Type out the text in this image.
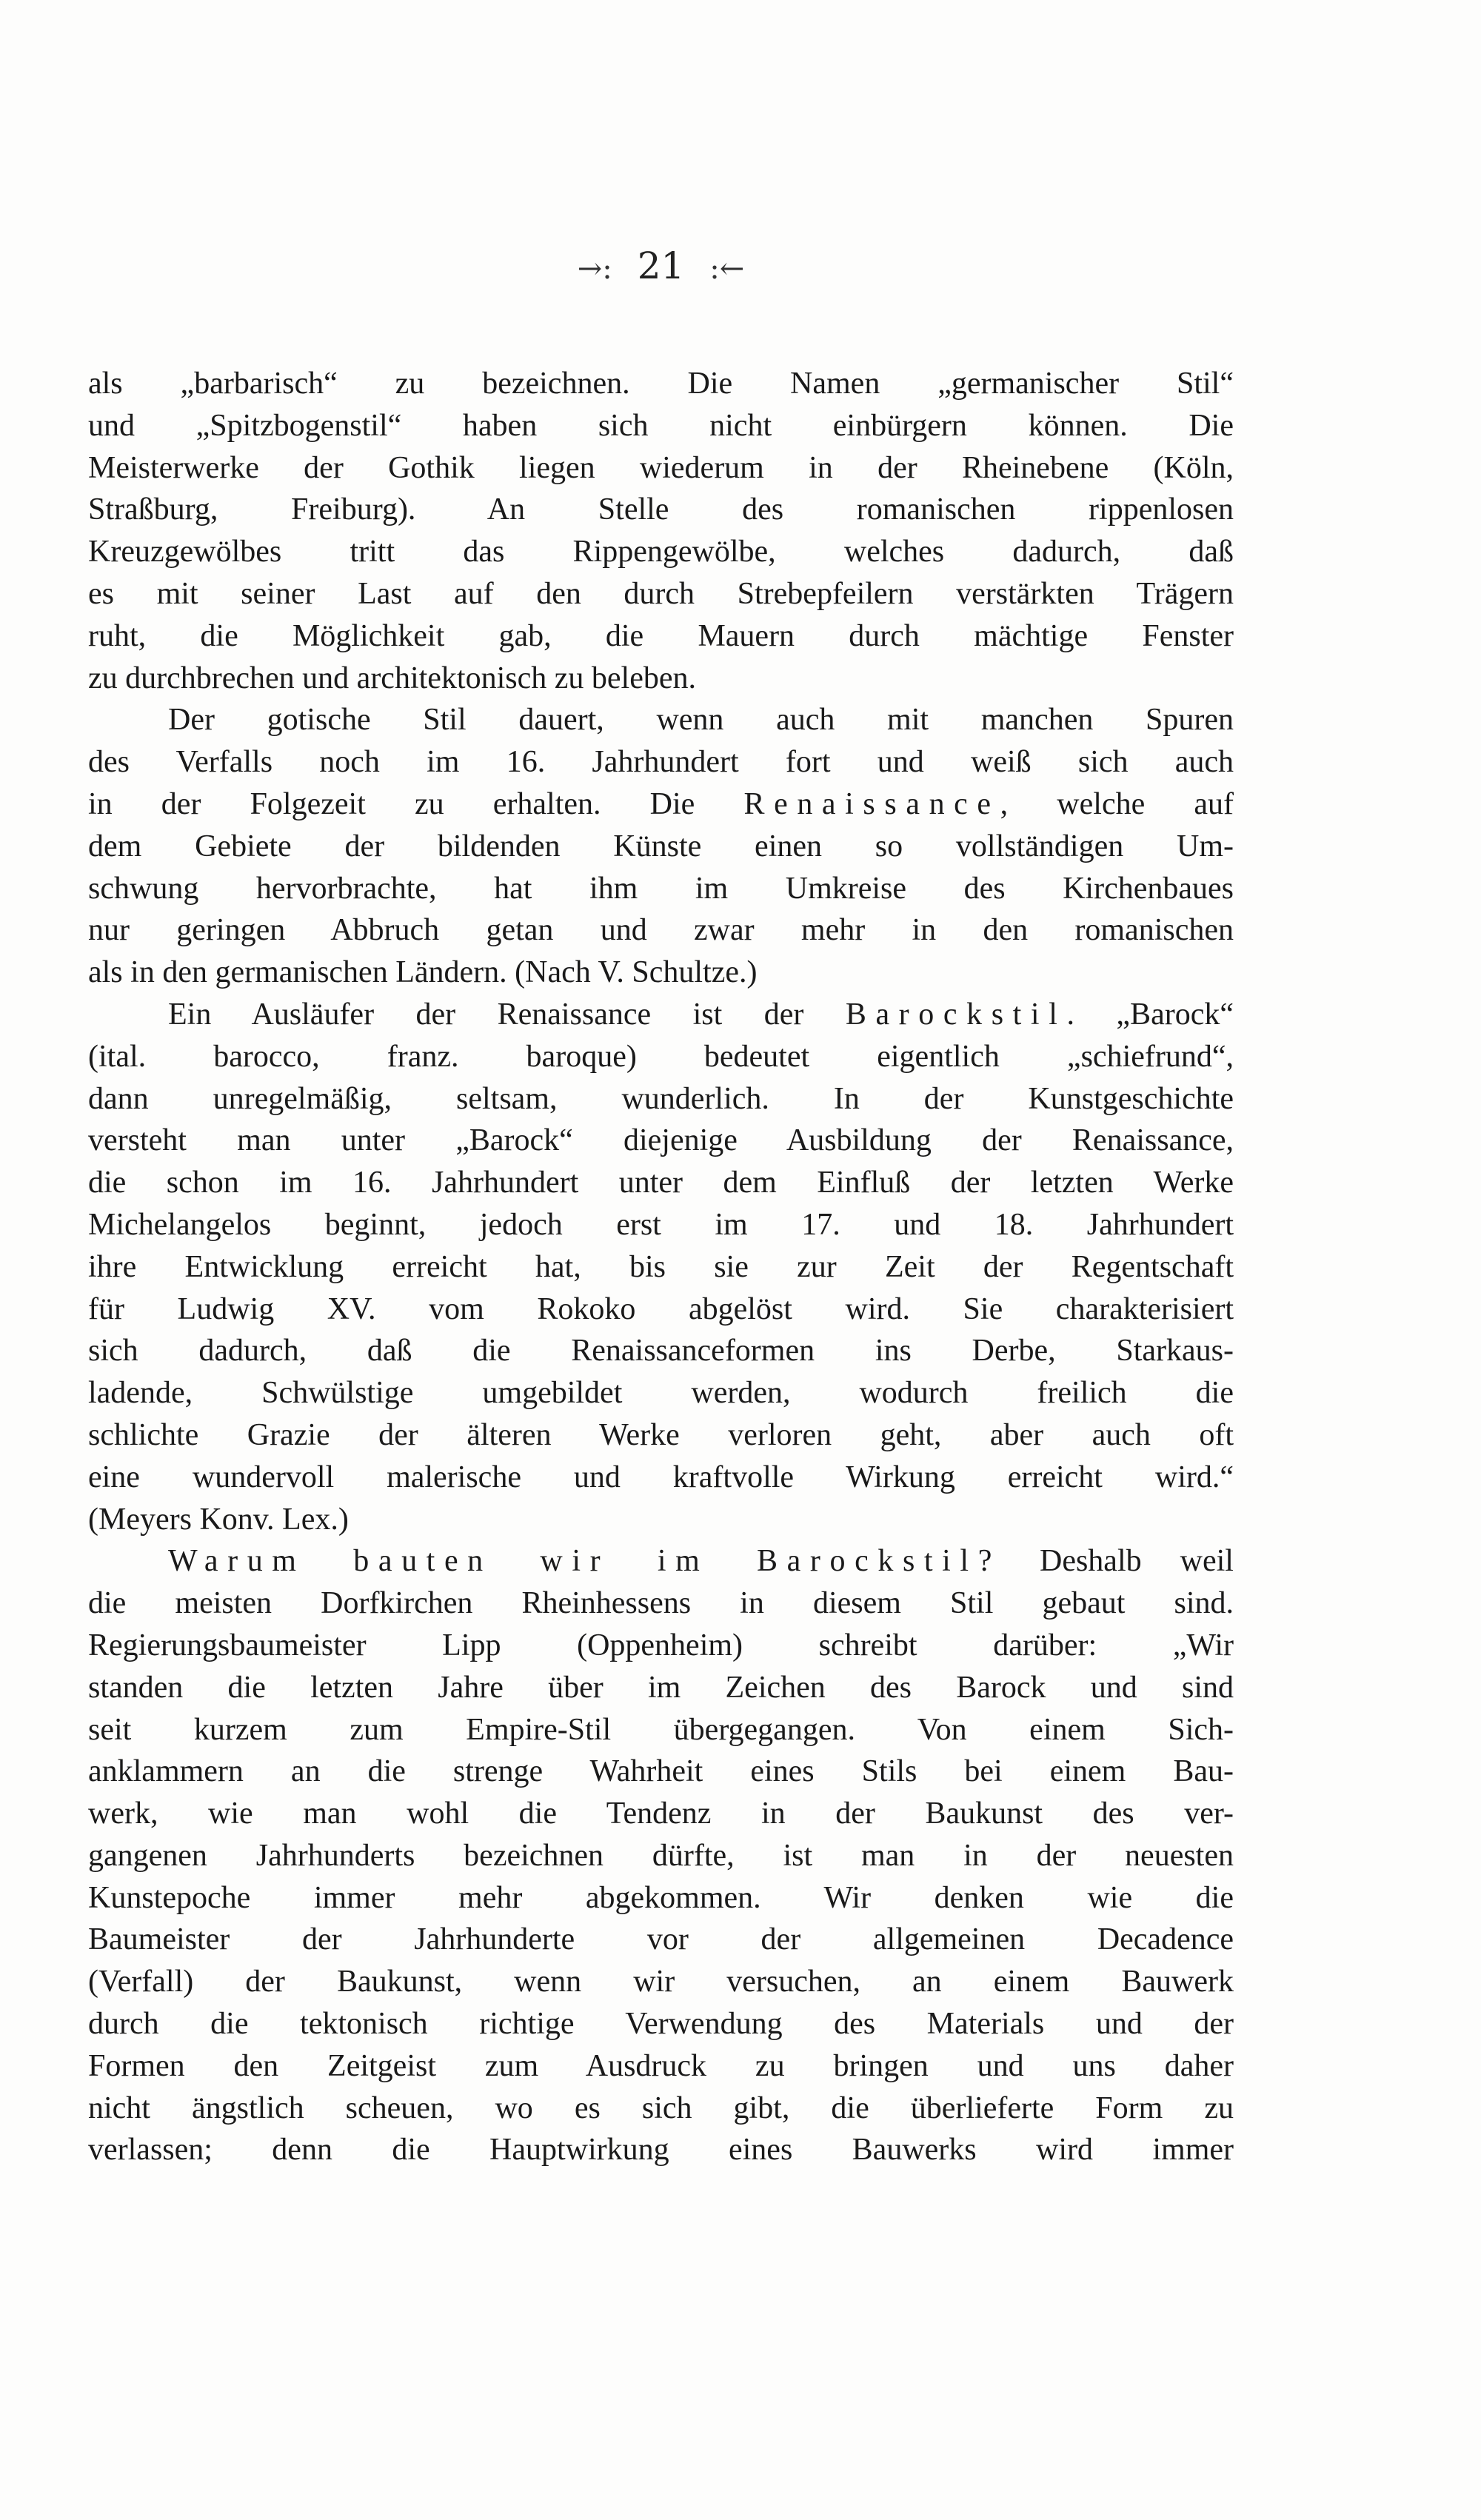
→: 21 :←
als „barbarisch“ zu bezeichnen. Die Namen „germanischer Stil“
und „Spitzbogenstil“ haben sich nicht einbürgern können. Die
Meisterwerke der Gothik liegen wiederum in der Rheinebene (Köln,
Straßburg, Freiburg). An Stelle des romanischen rippenlosen
Kreuzgewölbes tritt das Rippengewölbe, welches dadurch, daß
es mit seiner Last auf den durch Strebepfeilern verstärkten Trägern
ruht, die Möglichkeit gab, die Mauern durch mächtige Fenster
zu durchbrechen und architektonisch zu beleben.
Der gotische Stil dauert, wenn auch mit manchen Spuren
des Verfalls noch im 16. Jahrhundert fort und weiß sich auch
in der Folgezeit zu erhalten. Die Renaissance, welche auf
dem Gebiete der bildenden Künste einen so vollständigen Um-
schwung hervorbrachte, hat ihm im Umkreise des Kirchenbaues
nur geringen Abbruch getan und zwar mehr in den romanischen
als in den germanischen Ländern. (Nach V. Schultze.)
Ein Ausläufer der Renaissance ist der Barockstil. „Barock“
(ital. barocco, franz. baroque) bedeutet eigentlich „schiefrund“,
dann unregelmäßig, seltsam, wunderlich. In der Kunstgeschichte
versteht man unter „Barock“ diejenige Ausbildung der Renaissance,
die schon im 16. Jahrhundert unter dem Einfluß der letzten Werke
Michelangelos beginnt, jedoch erst im 17. und 18. Jahrhundert
ihre Entwicklung erreicht hat, bis sie zur Zeit der Regentschaft
für Ludwig XV. vom Rokoko abgelöst wird. Sie charakterisiert
sich dadurch, daß die Renaissanceformen ins Derbe, Starkaus-
ladende, Schwülstige umgebildet werden, wodurch freilich die
schlichte Grazie der älteren Werke verloren geht, aber auch oft
eine wundervoll malerische und kraftvolle Wirkung erreicht wird.“
(Meyers Konv. Lex.)
Warum bauten wir im Barockstil? Deshalb weil
die meisten Dorfkirchen Rheinhessens in diesem Stil gebaut sind.
Regierungsbaumeister Lipp (Oppenheim) schreibt darüber: „Wir
standen die letzten Jahre über im Zeichen des Barock und sind
seit kurzem zum Empire-Stil übergegangen. Von einem Sich-
anklammern an die strenge Wahrheit eines Stils bei einem Bau-
werk, wie man wohl die Tendenz in der Baukunst des ver-
gangenen Jahrhunderts bezeichnen dürfte, ist man in der neuesten
Kunstepoche immer mehr abgekommen. Wir denken wie die
Baumeister der Jahrhunderte vor der allgemeinen Decadence
(Verfall) der Baukunst, wenn wir versuchen, an einem Bauwerk
durch die tektonisch richtige Verwendung des Materials und der
Formen den Zeitgeist zum Ausdruck zu bringen und uns daher
nicht ängstlich scheuen, wo es sich gibt, die überlieferte Form zu
verlassen; denn die Hauptwirkung eines Bauwerks wird immer
